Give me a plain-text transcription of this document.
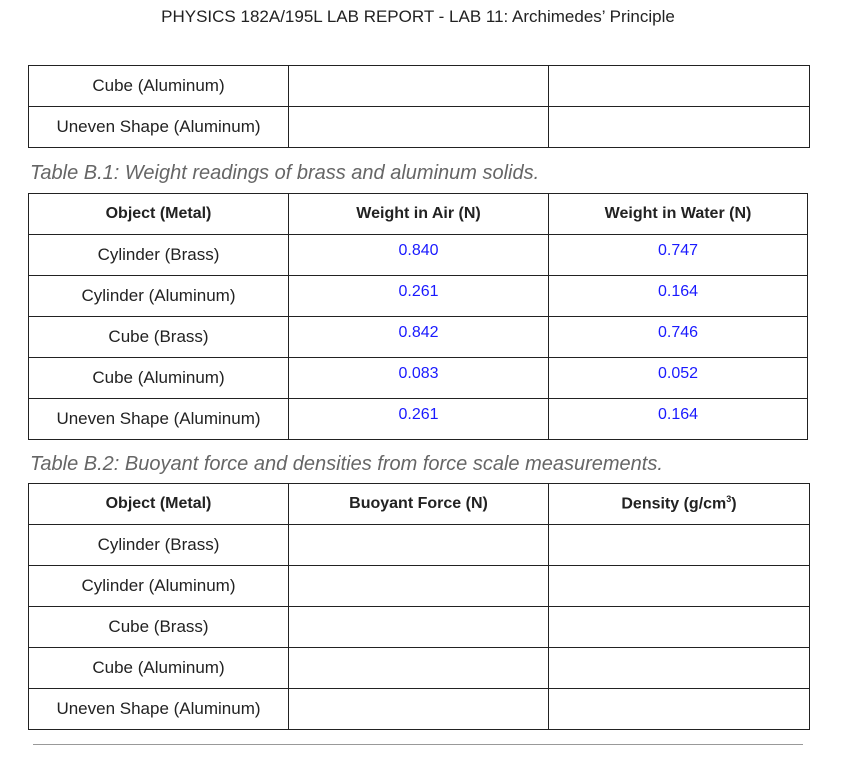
PHYSICS 182A/195L LAB REPORT - LAB 11: Archimedes’ Principle
Cube (Aluminum)		
Uneven Shape (Aluminum)		
Table B.1: Weight readings of brass and aluminum solids.
Object (Metal)	Weight in Air (N)	Weight in Water (N)
Cylinder (Brass)	0.840	0.747
Cylinder (Aluminum)	0.261	0.164
Cube (Brass)	0.842	0.746
Cube (Aluminum)	0.083	0.052
Uneven Shape (Aluminum)	0.261	0.164
Table B.2: Buoyant force and densities from force scale measurements.
Object (Metal)	Buoyant Force (N)	Density $(g/cm^3)$
Cylinder (Brass)		
Cylinder (Aluminum)		
Cube (Brass)		
Cube (Aluminum)		
Uneven Shape (Aluminum)		
